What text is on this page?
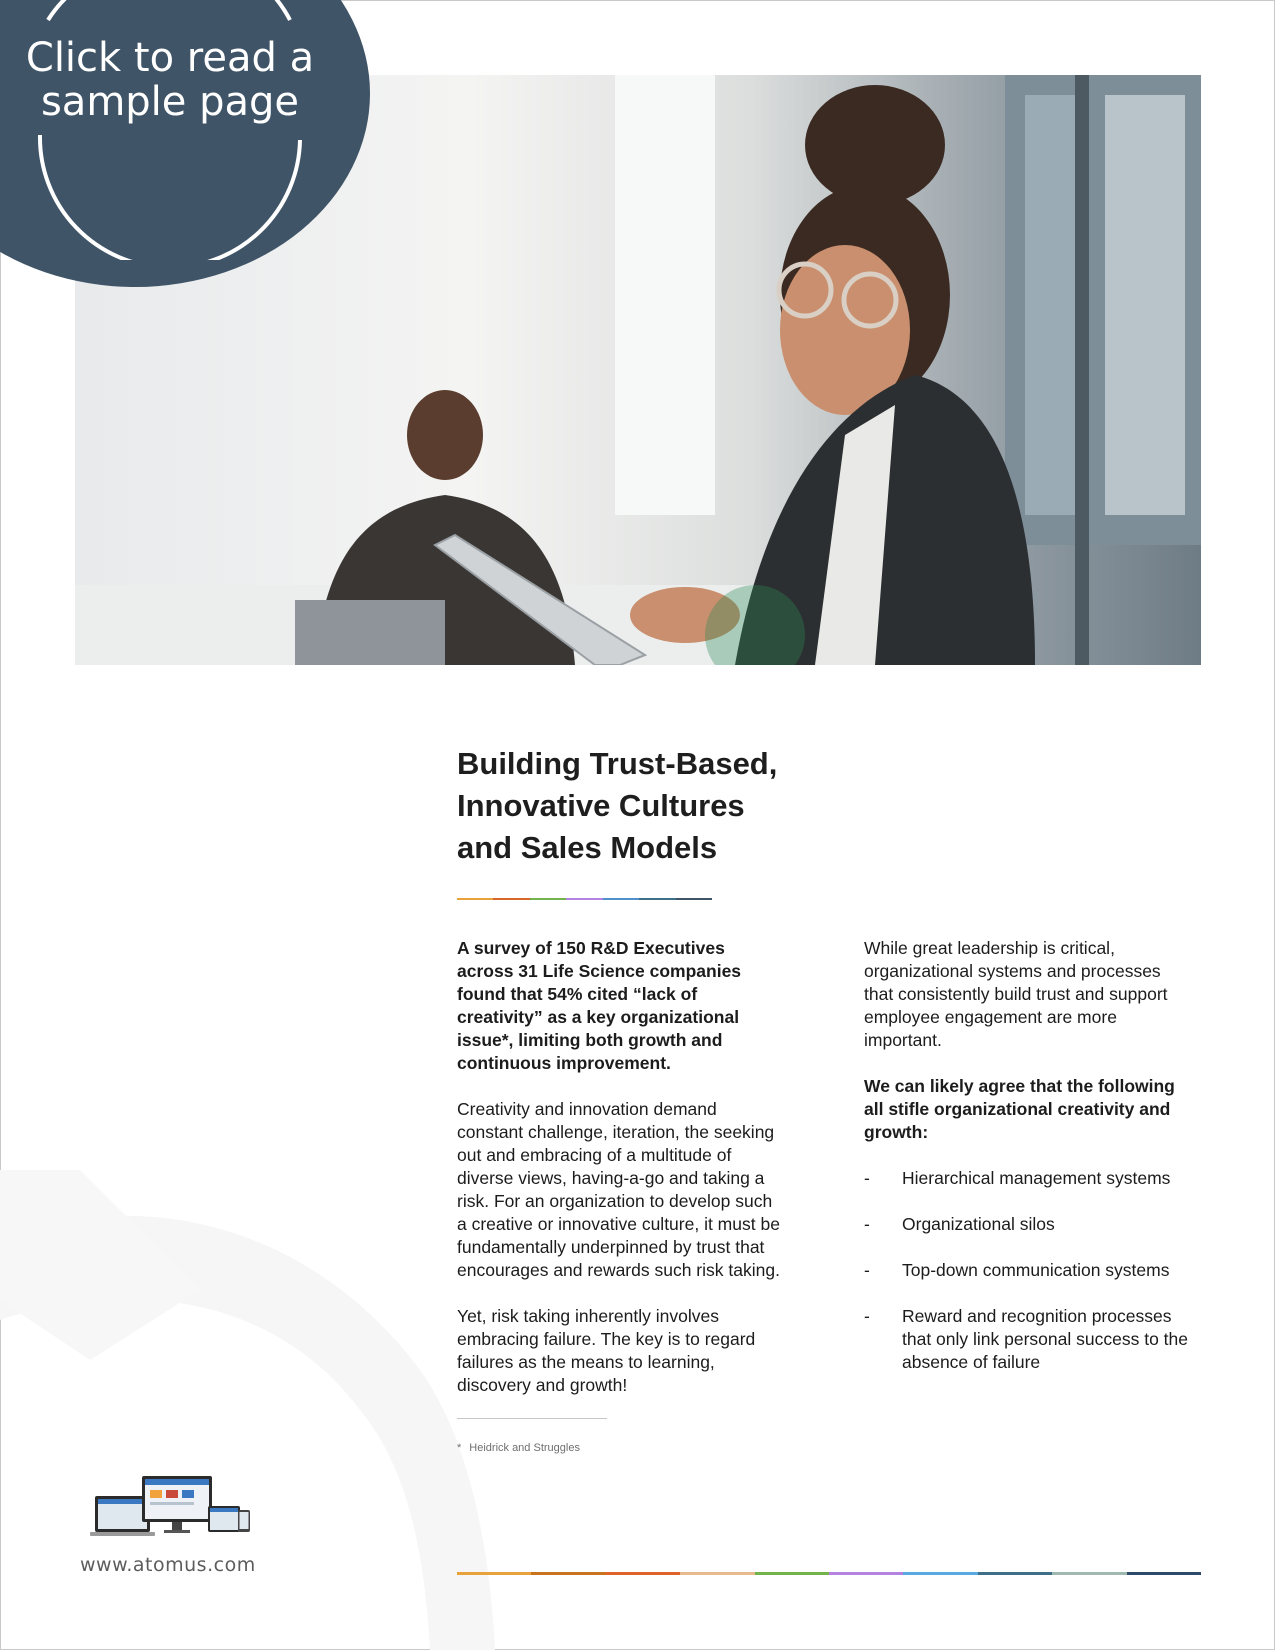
Click to read a
sample page
Building Trust-Based,
Innovative Cultures
and Sales Models

A survey of 150 R&D Executives across 31 Life Science companies found that 54% cited “lack of creativity” as a key organizational issue*, limiting both growth and continuous improvement.

Creativity and innovation demand constant challenge, iteration, the seeking out and embracing of a multitude of diverse views, having-a-go and taking a risk. For an organization to develop such a creative or innovative culture, it must be fundamentally underpinned by trust that encourages and rewards such risk taking.

Yet, risk taking inherently involves embracing failure. The key is to regard failures as the means to learning, discovery and growth!

While great leadership is critical, organizational systems and processes that consistently build trust and support employee engagement are more important.

We can likely agree that the following all stifle organizational creativity and growth:

-	Hierarchical management systems
-	Organizational silos
-	Top-down communication systems
-	Reward and recognition processes that only link personal success to the absence of failure
* Heidrick and Struggles
www.atomus.com
